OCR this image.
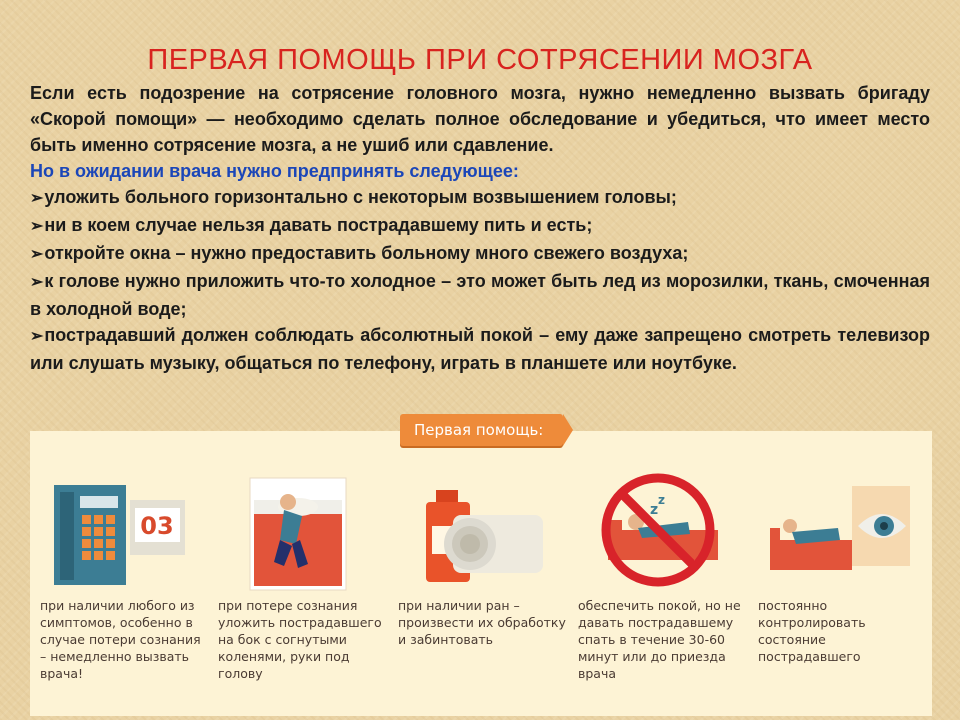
ПЕРВАЯ ПОМОЩЬ ПРИ СОТРЯСЕНИИ МОЗГА

Если есть подозрение на сотрясение головного мозга, нужно немедленно вызвать бригаду «Скорой помощи» — необходимо сделать полное обследование и убедиться, что имеет место быть именно сотрясение мозга, а не ушиб или сдавление.

Но в ожидании врача нужно предпринять следующее:

➢уложить больного горизонтально с некоторым возвышением головы;

➢ни в коем случае нельзя давать пострадавшему пить и есть;

➢откройте окна – нужно предоставить больному много свежего воздуха;

➢к голове нужно приложить что-то холодное – это может быть лед из морозилки, ткань, смоченная в холодной воде;

➢пострадавший должен соблюдать абсолютный покой – ему даже запрещено смотреть телевизор или слушать музыку, общаться по телефону, играть в планшете или ноутбуке.

Первая помощь:
03
при наличии любого из симптомов, особенно в случае потери сознания – немедленно вызвать врача!
при потере сознания уложить пострадавшего на бок с согнутыми коленями, руки под голову
при наличии ран – произвести их обработку и забинтовать
z
z
обеспечить покой, но не давать пострадавшему спать в течение 30-60 минут или до приезда врача
постоянно контролировать состояние пострадавшего
